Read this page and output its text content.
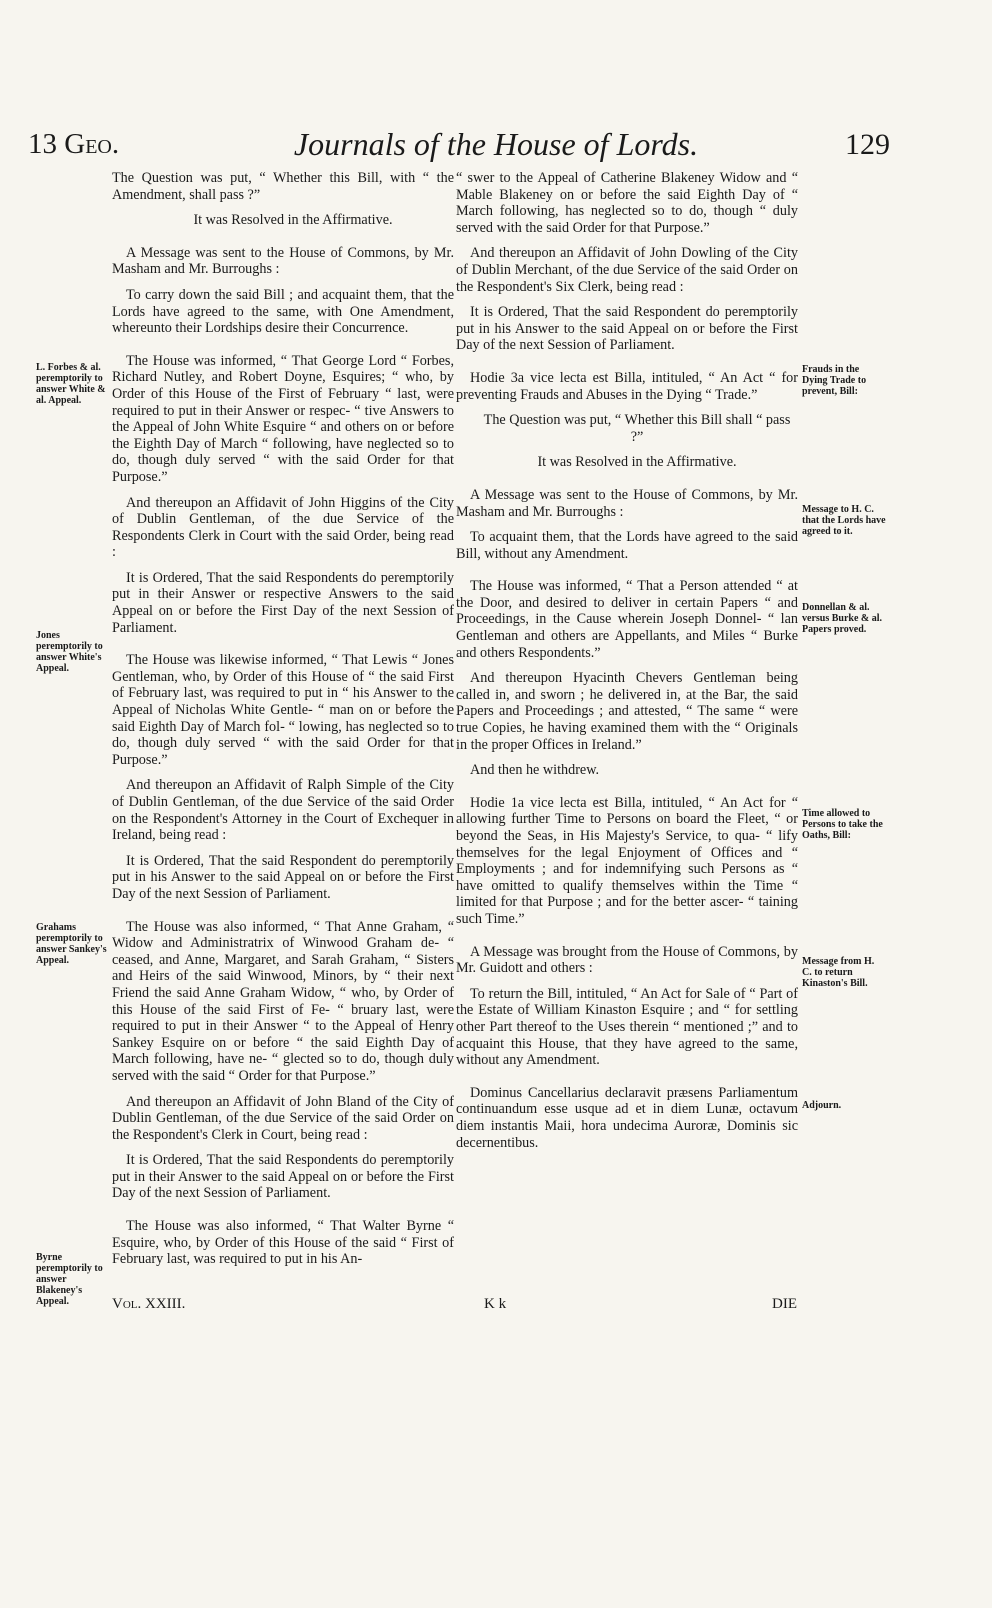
13 Geo.	Journals of the House of Lords.	129

The Question was put, “ Whether this Bill, with “ the Amendment, shall pass ?”

It was Resolved in the Affirmative.

A Message was sent to the House of Commons, by Mr. Masham and Mr. Burroughs :

To carry down the said Bill ; and acquaint them, that the Lords have agreed to the same, with One Amendment, whereunto their Lordships desire their Concurrence.

The House was informed, “ That George Lord “ Forbes, Richard Nutley, and Robert Doyne, Esquires; “ who, by Order of this House of the First of February “ last, were required to put in their Answer or respec- “ tive Answers to the Appeal of John White Esquire “ and others on or before the Eighth Day of March “ following, have neglected so to do, though duly served “ with the said Order for that Purpose.”

And thereupon an Affidavit of John Higgins of the City of Dublin Gentleman, of the due Service of the Respondents Clerk in Court with the said Order, being read :

It is Ordered, That the said Respondents do peremptorily put in their Answer or respective Answers to the said Appeal on or before the First Day of the next Session of Parliament.

The House was likewise informed, “ That Lewis “ Jones Gentleman, who, by Order of this House of “ the said First of February last, was required to put in “ his Answer to the Appeal of Nicholas White Gentle- “ man on or before the said Eighth Day of March fol- “ lowing, has neglected so to do, though duly served “ with the said Order for that Purpose.”

And thereupon an Affidavit of Ralph Simple of the City of Dublin Gentleman, of the due Service of the said Order on the Respondent's Attorney in the Court of Exchequer in Ireland, being read :

It is Ordered, That the said Respondent do peremptorily put in his Answer to the said Appeal on or before the First Day of the next Session of Parliament.

The House was also informed, “ That Anne Graham, “ Widow and Administratrix of Winwood Graham de- “ ceased, and Anne, Margaret, and Sarah Graham, “ Sisters and Heirs of the said Winwood, Minors, by “ their next Friend the said Anne Graham Widow, “ who, by Order of this House of the said First of Fe- “ bruary last, were required to put in their Answer “ to the Appeal of Henry Sankey Esquire on or before “ the said Eighth Day of March following, have ne- “ glected so to do, though duly served with the said “ Order for that Purpose.”

And thereupon an Affidavit of John Bland of the City of Dublin Gentleman, of the due Service of the said Order on the Respondent's Clerk in Court, being read :

It is Ordered, That the said Respondents do peremptorily put in their Answer to the said Appeal on or before the First Day of the next Session of Parliament.

The House was also informed, “ That Walter Byrne “ Esquire, who, by Order of this House of the said “ First of February last, was required to put in his An-

“ swer to the Appeal of Catherine Blakeney Widow and “ Mable Blakeney on or before the said Eighth Day of “ March following, has neglected so to do, though “ duly served with the said Order for that Purpose.”

And thereupon an Affidavit of John Dowling of the City of Dublin Merchant, of the due Service of the said Order on the Respondent's Six Clerk, being read :

It is Ordered, That the said Respondent do peremptorily put in his Answer to the said Appeal on or before the First Day of the next Session of Parliament.

Hodie 3a vice lecta est Billa, intituled, “ An Act “ for preventing Frauds and Abuses in the Dying “ Trade.”

The Question was put, “ Whether this Bill shall “ pass ?”

It was Resolved in the Affirmative.

A Message was sent to the House of Commons, by Mr. Masham and Mr. Burroughs :

To acquaint them, that the Lords have agreed to the said Bill, without any Amendment.

The House was informed, “ That a Person attended “ at the Door, and desired to deliver in certain Papers “ and Proceedings, in the Cause wherein Joseph Donnel- “ lan Gentleman and others are Appellants, and Miles “ Burke and others Respondents.”

And thereupon Hyacinth Chevers Gentleman being called in, and sworn ; he delivered in, at the Bar, the said Papers and Proceedings ; and attested, “ The same “ were true Copies, he having examined them with the “ Originals in the proper Offices in Ireland.”

And then he withdrew.

Hodie 1a vice lecta est Billa, intituled, “ An Act for “ allowing further Time to Persons on board the Fleet, “ or beyond the Seas, in His Majesty's Service, to qua- “ lify themselves for the legal Enjoyment of Offices and “ Employments ; and for indemnifying such Persons as “ have omitted to qualify themselves within the Time “ limited for that Purpose ; and for the better ascer- “ taining such Time.”

A Message was brought from the House of Commons, by Mr. Guidott and others :

To return the Bill, intituled, “ An Act for Sale of “ Part of the Estate of William Kinaston Esquire ; and “ for settling other Part thereof to the Uses therein “ mentioned ;” and to acquaint this House, that they have agreed to the same, without any Amendment.

Dominus Cancellarius declaravit præsens Parliamentum continuandum esse usque ad et in diem Lunæ, octavum diem instantis Maii, hora undecima Auroræ, Dominis sic decernentibus.

L. Forbes & al. peremptorily to answer White & al. Appeal.
Jones peremptorily to answer White's Appeal.
Grahams peremptorily to answer Sankey's Appeal.
Byrne peremptorily to answer Blakeney's Appeal.
Frauds in the Dying Trade to prevent, Bill:
Message to H. C. that the Lords have agreed to it.
Donnellan & al. versus Burke & al. Papers proved.
Time allowed to Persons to take the Oaths, Bill:
Message from H. C. to return Kinaston's Bill.
Adjourn.
Vol. XXIII.	K k	DIE
